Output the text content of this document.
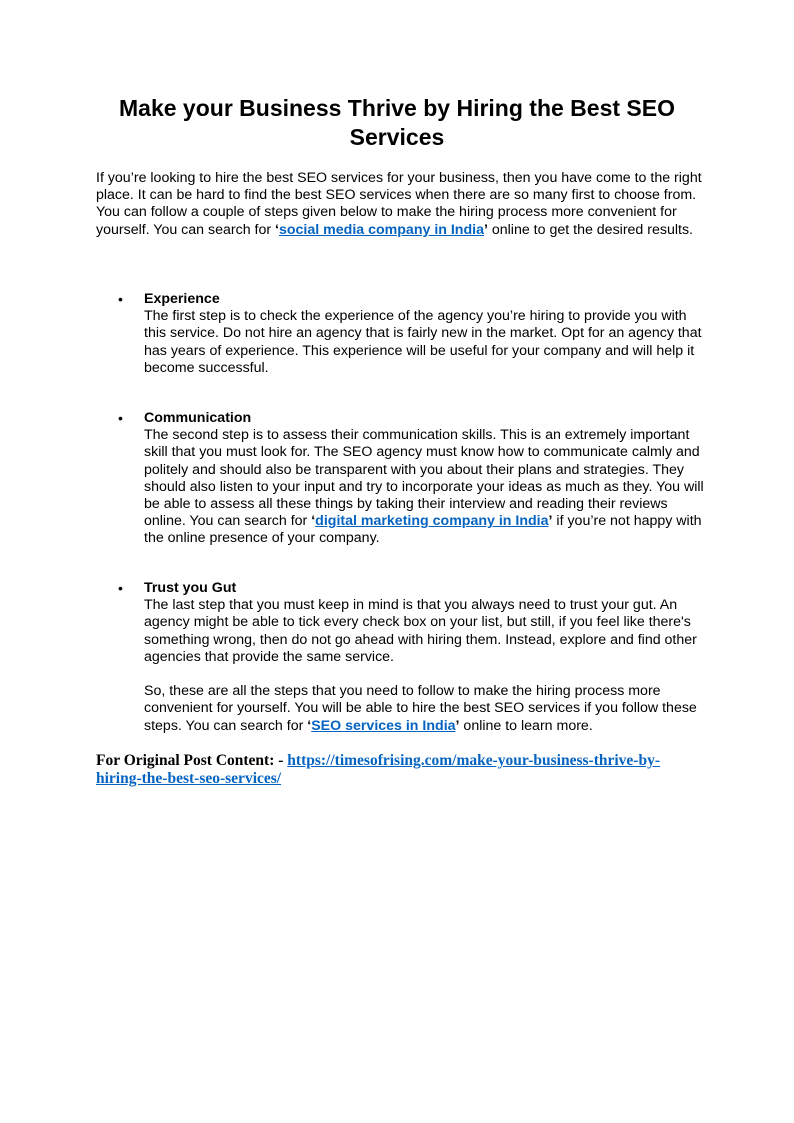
Make your Business Thrive by Hiring the Best SEO Services

If you’re looking to hire the best SEO services for your business, then you have come to the right place. It can be hard to find the best SEO services when there are so many first to choose from. You can follow a couple of steps given below to make the hiring process more convenient for yourself. You can search for ‘social media company in India’ online to get the desired results.

• Experience

The first step is to check the experience of the agency you’re hiring to provide you with this service. Do not hire an agency that is fairly new in the market. Opt for an agency that has years of experience. This experience will be useful for your company and will help it become successful.

• Communication

The second step is to assess their communication skills. This is an extremely important skill that you must look for. The SEO agency must know how to communicate calmly and politely and should also be transparent with you about their plans and strategies. They should also listen to your input and try to incorporate your ideas as much as they. You will be able to assess all these things by taking their interview and reading their reviews online. You can search for ‘digital marketing company in India’ if you’re not happy with the online presence of your company.

• Trust you Gut

The last step that you must keep in mind is that you always need to trust your gut. An agency might be able to tick every check box on your list, but still, if you feel like there's something wrong, then do not go ahead with hiring them. Instead, explore and find other agencies that provide the same service.

So, these are all the steps that you need to follow to make the hiring process more convenient for yourself. You will be able to hire the best SEO services if you follow these steps. You can search for ‘SEO services in India’ online to learn more.

For Original Post Content: - https://timesofrising.com/make-your-business-thrive-by-hiring-the-best-seo-services/
